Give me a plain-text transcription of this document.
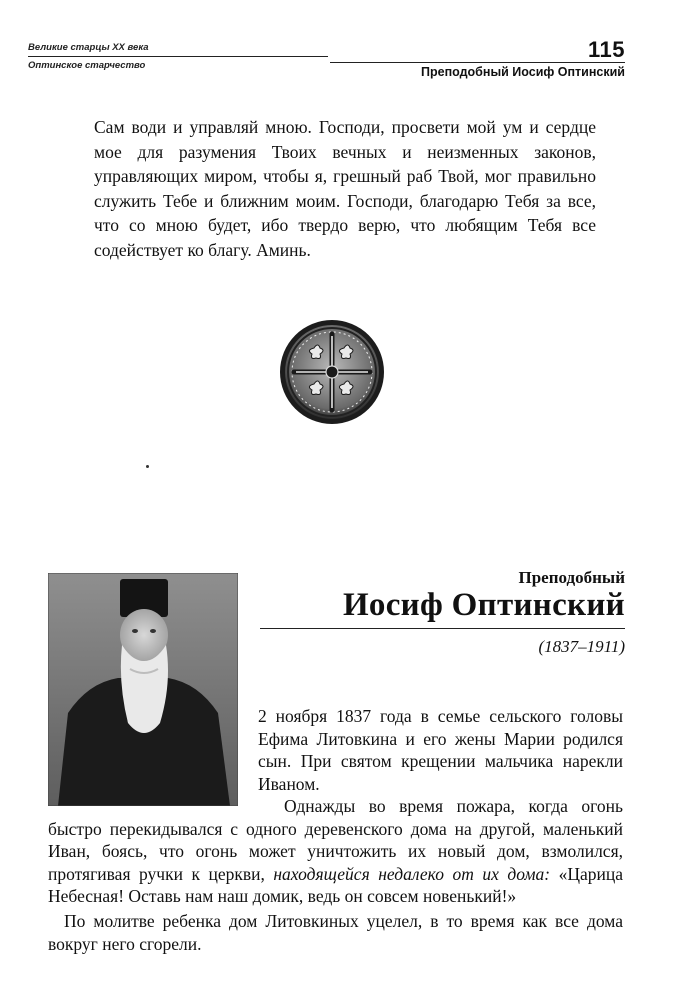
Великие старцы XX века
Оптинское старчество
115
Преподобный Иосиф Оптинский
Сам води и управляй мною. Господи, просвети мой ум и сердце мое для разумения Твоих вечных и неизменных законов, управляющих миром, чтобы я, грешный раб Твой, мог правильно служить Тебе и ближним моим. Господи, благодарю Тебя за все, что со мною будет, ибо твердо верю, что любящим Тебя все содействует ко благу. Аминь.
Преподобный
Иосиф Оптинский
(1837–1911)
2 ноября 1837 года в семье сельского головы Ефима Литовкина и его жены Марии родился сын. При святом крещении мальчика нарекли Иваном.
Однажды во время пожара, когда огонь быстро перекидывался с одного деревенского дома на другой, маленький Иван, боясь, что огонь может уничтожить их новый дом, взмолился, протягивая ручки к церкви, находящейся недалеко от их дома: «Царица Небесная! Оставь нам наш домик, ведь он совсем новенький!»
По молитве ребенка дом Литовкиных уцелел, в то время как все дома вокруг него сгорели.
